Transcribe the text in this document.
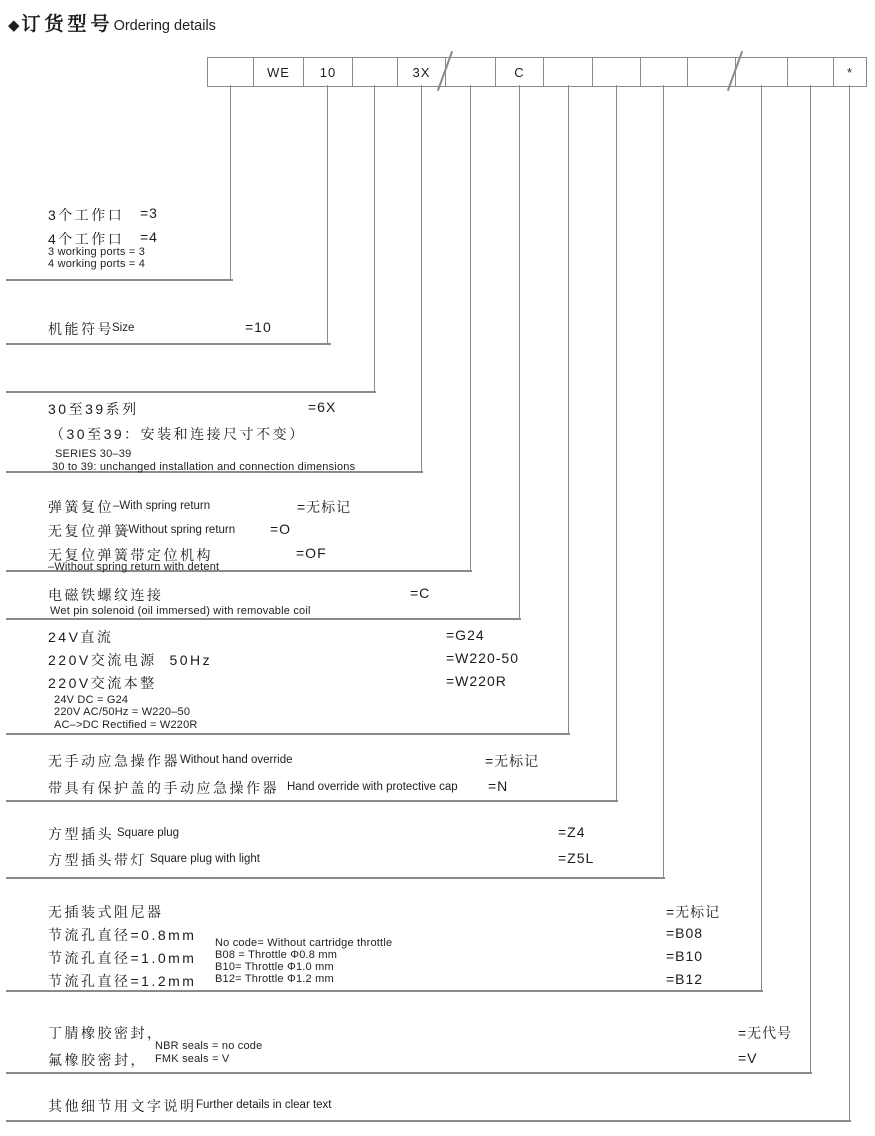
◆ 订货型号 Ordering details
WE	10	3X	C	*
3个工作口 =3
4个工作口 =4
3 working ports = 3
4 working ports = 4
机能符号
Size	=10
30至39系列	=6X
（30至39：安装和连接尺寸不变）
SERIES 30–39
30 to 39: unchanged installation and connection dimensions
弹簧复位 –With spring return	=无标记
无复位弹簧
–Without spring return =O
无复位弹簧带定位机构	=OF
–Without spring return with detent
电磁铁螺纹连接	=C
Wet pin solenoid (oil immersed) with removable coil
24V直流	=G24
220V交流电源  50Hz	=W220-50
220V交流本整	=W220R
24V DC = G24
220V AC/50Hz = W220–50
AC–>DC Rectified = W220R
无手动应急操作器 Without hand override	=无标记
带具有保护盖的手动应急操作器 Hand override with protective cap =N
方型插头 Square plug	=Z4
方型插头带灯 Square plug with light	=Z5L
无插装式阻尼器	=无标记
节流孔直径=0.8mm	=B08
节流孔直径=1.0mm	=B10
节流孔直径=1.2mm	=B12
No code= Without cartridge throttle
B08 = Throttle Φ0.8 mm
B10= Throttle Φ1.0 mm
B12= Throttle Φ1.2 mm
丁腈橡胶密封，	=无代号
氟橡胶密封，	=V
NBR seals = no code
FMK seals = V
其他细节用文字说明 Further details in clear text
